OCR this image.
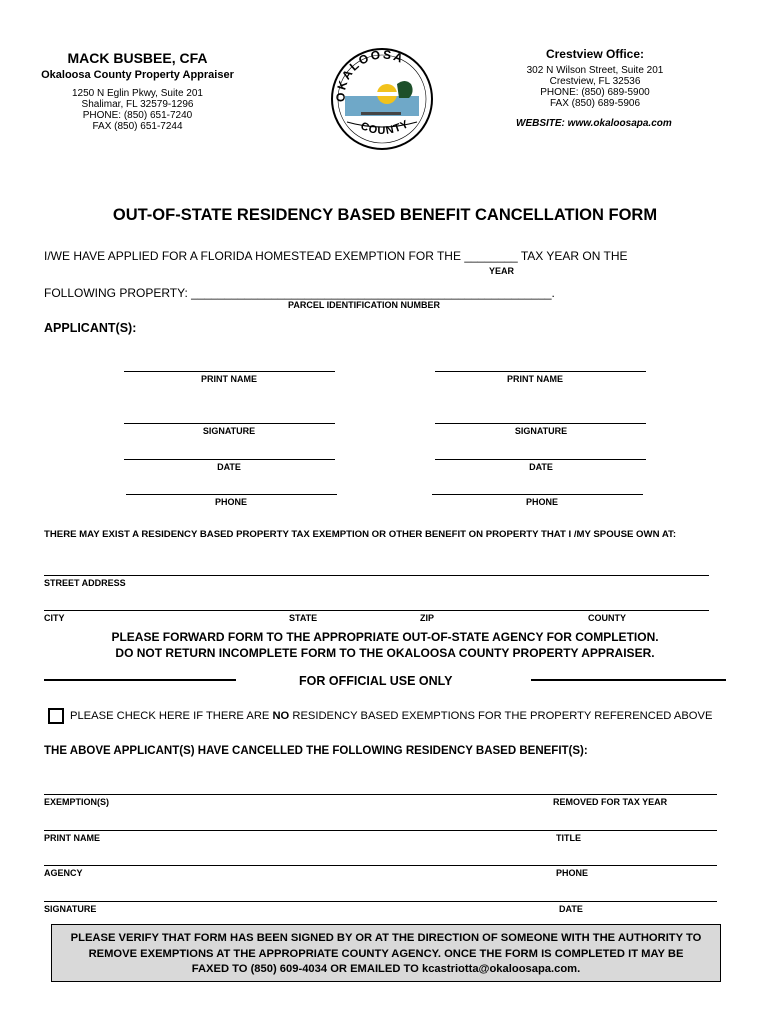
MACK BUSBEE, CFA
Okaloosa County Property Appraiser
1250 N Eglin Pkwy, Suite 201
Shalimar, FL 32579-1296
PHONE: (850) 651-7240
FAX (850) 651-7244
OKALOOSA
COUNTY
Crestview Office:
302 N Wilson Street, Suite 201
Crestview, FL 32536
PHONE: (850) 689-5900
FAX (850) 689-5906
WEBSITE: www.okaloosapa.com
OUT-OF-STATE RESIDENCY BASED BENEFIT CANCELLATION FORM
I/WE HAVE APPLIED FOR A FLORIDA HOMESTEAD EXEMPTION FOR THE ________ TAX YEAR ON THE
YEAR
FOLLOWING PROPERTY: ______________________________________________________.
PARCEL IDENTIFICATION NUMBER
APPLICANT(S):
PRINT NAME	PRINT NAME
SIGNATURE	SIGNATURE
DATE	DATE
PHONE	PHONE
THERE MAY EXIST A RESIDENCY BASED PROPERTY TAX EXEMPTION OR OTHER BENEFIT ON PROPERTY THAT I /MY SPOUSE OWN AT:
STREET ADDRESS
CITY	STATE	ZIP	COUNTY
PLEASE FORWARD FORM TO THE APPROPRIATE OUT-OF-STATE AGENCY FOR COMPLETION.
DO NOT RETURN INCOMPLETE FORM TO THE OKALOOSA COUNTY PROPERTY APPRAISER.
FOR OFFICIAL USE ONLY
PLEASE CHECK HERE IF THERE ARE NO RESIDENCY BASED EXEMPTIONS FOR THE PROPERTY REFERENCED ABOVE
THE ABOVE APPLICANT(S) HAVE CANCELLED THE FOLLOWING RESIDENCY BASED BENEFIT(S):
EXEMPTION(S)	REMOVED FOR TAX YEAR
PRINT NAME	TITLE
AGENCY	PHONE
SIGNATURE	DATE
PLEASE VERIFY THAT FORM HAS BEEN SIGNED BY OR AT THE DIRECTION OF SOMEONE WITH THE AUTHORITY TO
REMOVE EXEMPTIONS AT THE APPROPRIATE COUNTY AGENCY. ONCE THE FORM IS COMPLETED IT MAY BE
FAXED TO (850) 609-4034 OR EMAILED TO kcastriotta@okaloosapa.com.
